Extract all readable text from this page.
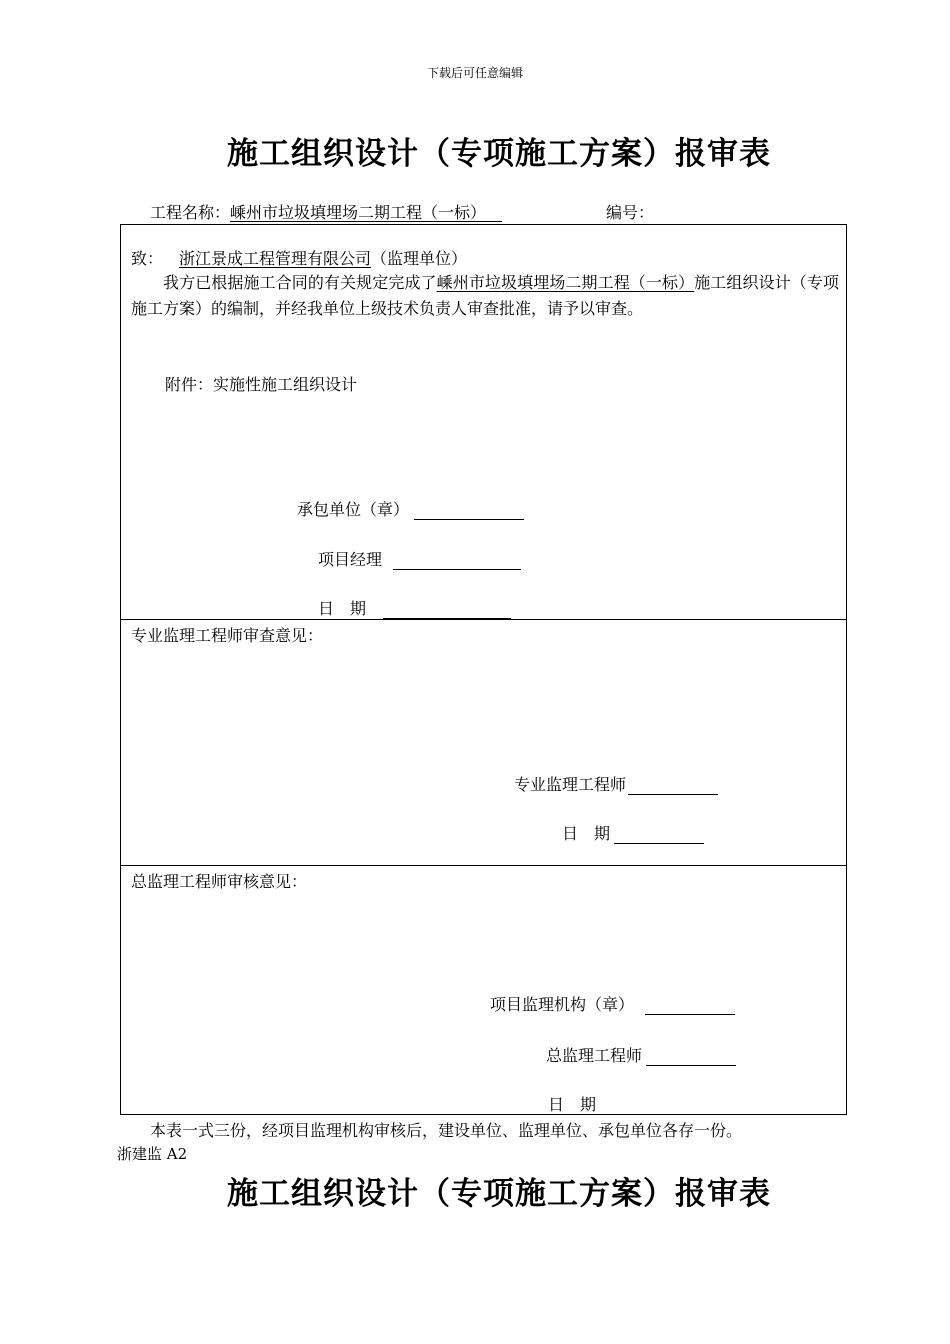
下载后可任意编辑
施工组织设计（专项施工方案）报审表
工程名称：嵊州市垃圾填埋场二期工程（一标） 	编号：
致：  浙江景成工程管理有限公司（监理单位）
我方已根据施工合同的有关规定完成了嵊州市垃圾填埋场二期工程（一标）施工组织设计（专项施工方案）的编制，并经我单位上级技术负责人审查批准，请予以审查。
附件：实施性施工组织设计
承包单位（章）
项目经理
日　期
专业监理工程师审查意见：
专业监理工程师
日　期
总监理工程师审核意见：
项目监理机构（章）
总监理工程师
日　期
本表一式三份，经项目监理机构审核后，建设单位、监理单位、承包单位各存一份。
浙建监 A2
施工组织设计（专项施工方案）报审表
